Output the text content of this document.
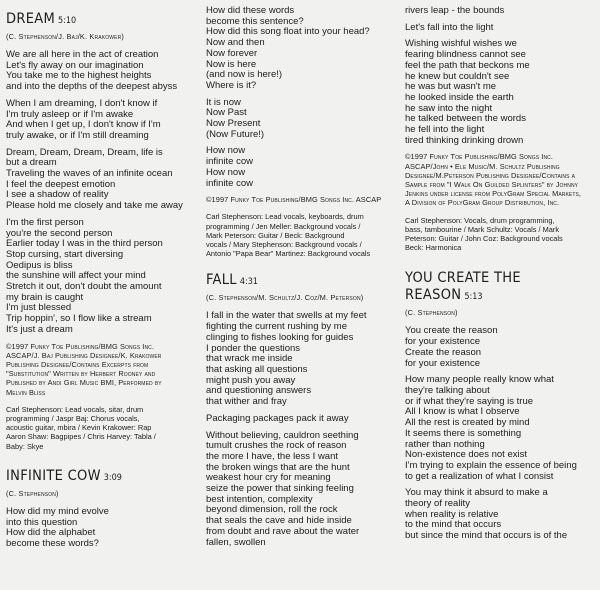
DREAM 5:10
(C. Stephenson/J. Baj/K. Krakower)

We are all here in the act of creation
Let's fly away on our imagination
You take me to the highest heights
and into the depths of the deepest abyss

When I am dreaming, I don't know if
I'm truly asleep or if I'm awake
And when I get up, I don't know if I'm
truly awake, or if I'm still dreaming

Dream, Dream, Dream, Dream, life is
but a dream
Traveling the waves of an infinite ocean
I feel the deepest emotion
I see a shadow of reality
Please hold me closely and take me away

I'm the first person
you're the second person
Earlier today I was in the third person
Stop cursing, start diversing
Oedipus is bliss
the sunshine will affect your mind
Stretch it out, don't doubt the amount
my brain is caught
I'm just blessed
Trip hoppin', so I flow like a stream
It's just a dream

©1997 Funky Toe Publishing/BMG Songs Inc.
ASCAP/J. Baj Publishing Designee/K. Krakower
Publishing Designee/Contains Excerpts from
"Substitution" Written by Herbert Rooney and
Published by Andi Girl Music BMI, Performed by
Melvin Bliss

Carl Stephenson: Lead vocals, sitar, drum
programming / Jaspr Baj: Chorus vocals,
acoustic guitar, mbira / Kevin Krakower: Rap
Aaron Shaw: Bagpipes / Chris Harvey: Tabla /
Baby: Skye

INFINITE COW 3:09
(C. Stephenson)

How did my mind evolve
into this question
How did the alphabet
become these words?

How did these words
become this sentence?
How did this song float into your head?
Now and then
Now forever
Now is here
(and now is here!)
Where is it?

It is now
Now Past
Now Present
(Now Future!)

How now
infinite cow
How now
infinite cow

©1997 Funky Toe Publishing/BMG Songs Inc. ASCAP

Carl Stephenson: Lead vocals, keyboards, drum
programming / Jen Meller: Background vocals /
Mark Peterson: Guitar / Beck: Background
vocals / Mary Stephenson: Background vocals /
Antonio "Papa Bear" Martinez: Background vocals

FALL 4:31
(C. Stephenson/M. Schultz/J. Coz/M. Peterson)

I fall in the water that swells at my feet
fighting the current rushing by me
clinging to fishes looking for guides
I ponder the questions
that wrack me inside
that asking all questions
might push you away
and questioning answers
that wither and fray

Packaging packages pack it away

Without believing, cauldron seething
tumult crushes the rock of reason
the more I have, the less I want
the broken wings that are the hunt
weakest hour cry for meaning
seize the power that sinking feeling
best intention, complexity
beyond dimension, roll the rock
that seals the cave and hide inside
from doubt and rave about the water
fallen, swollen

rivers leap - the bounds

Let's fall into the light

Wishing wishful wishes we
fearing blindness cannot see
feel the path that beckons me
he knew but couldn't see
he was but wasn't me
he looked inside the earth
he saw into the night
he talked between the words
he fell into the light
tired thinking drinking drown

©1997 Funky Toe Publishing/BMG Songs Inc.
ASCAP/John • Ele Music/M. Schultz Publishing
Designee/M.Peterson Publishing Designee/Contains a
Sample from "I Walk On Guilded Splinters" by Johnny
Jenkins under license from PolyGram Special Markets,
A Division of PolyGram Group Distribution, Inc.

Carl Stephenson: Vocals, drum programming,
bass, tambourine / Mark Schultz: Vocals / Mark
Peterson: Guitar / John Coz: Background vocals
Beck: Harmonica

YOU CREATE THE REASON 5:13
(C. Stephenson)

You create the reason
for your existence
Create the reason
for your existence

How many people really know what
they're talking about
or if what they're saying is true
All I know is what I observe
All the rest is created by mind
It seems there is something
rather than nothing
Non-existence does not exist
I'm trying to explain the essence of being
to get a realization of what I consist

You may think it absurd to make a
theory of reality
when reality is relative
to the mind that occurs
but since the mind that occurs is of the
